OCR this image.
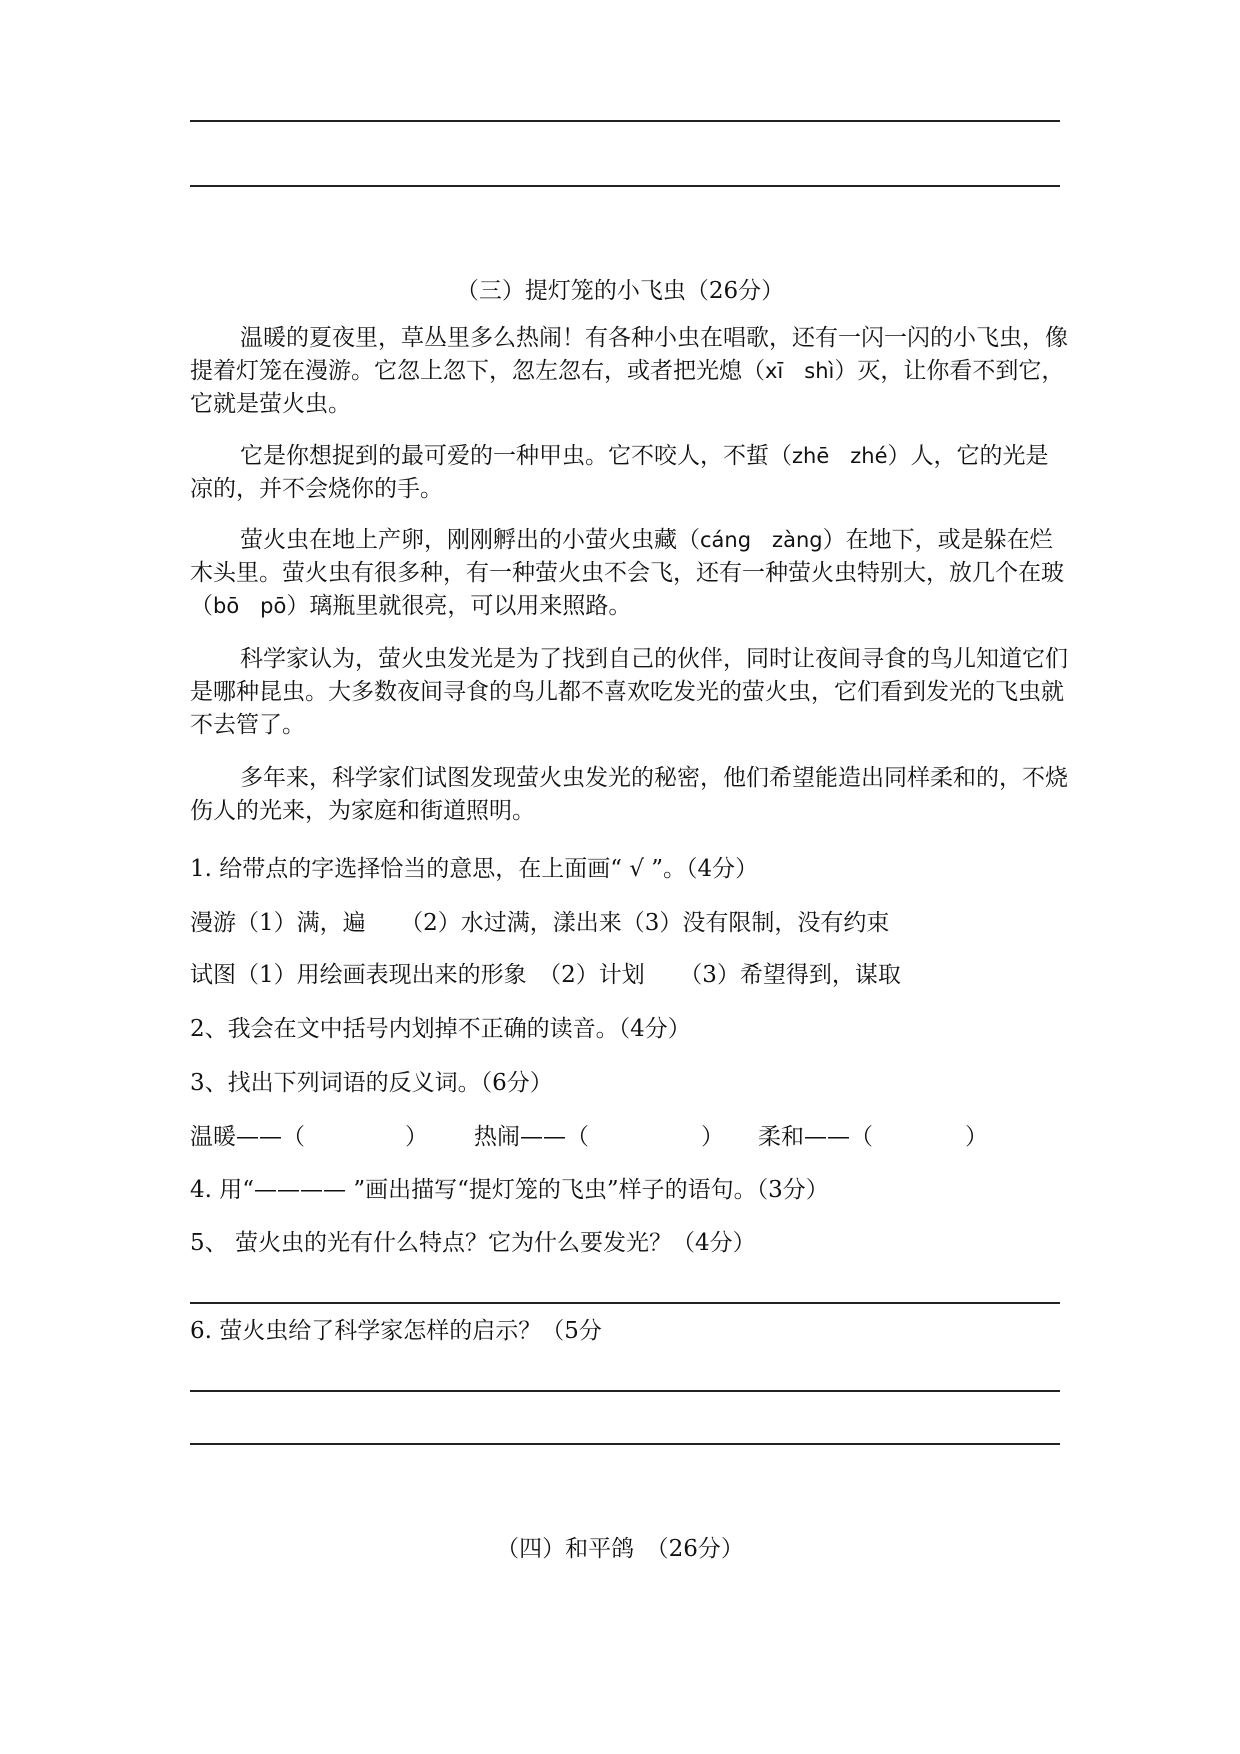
（三）提灯笼的小飞虫（26分）
温暖的夏夜里，草丛里多么热闹！有各种小虫在唱歌，还有一闪一闪的小飞虫，像提着灯笼在漫游。它忽上忽下，忽左忽右，或者把光熄（xī　shì）灭，让你看不到它，它就是萤火虫。
它是你想捉到的最可爱的一种甲虫。它不咬人，不蜇（zhē　zhé）人，它的光是凉的，并不会烧你的手。
萤火虫在地上产卵，刚刚孵出的小萤火虫藏（cáng　zàng）在地下，或是躲在烂木头里。萤火虫有很多种，有一种萤火虫不会飞，还有一种萤火虫特别大，放几个在玻（bō　pō）璃瓶里就很亮，可以用来照路。
科学家认为，萤火虫发光是为了找到自己的伙伴，同时让夜间寻食的鸟儿知道它们是哪种昆虫。大多数夜间寻食的鸟儿都不喜欢吃发光的萤火虫，它们看到发光的飞虫就不去管了。
多年来，科学家们试图发现萤火虫发光的秘密，他们希望能造出同样柔和的，不烧伤人的光来，为家庭和街道照明。
1. 给带点的字选择恰当的意思，在上面画“ √ ”。（4分）
漫游（1）满，遍　　（2）水过满，漾出来（3）没有限制，没有约束
试图（1）用绘画表现出来的形象　（2）计划　　（3）希望得到，谋取
2、我会在文中括号内划掉不正确的读音。（4分）
3、找出下列词语的反义词。（6分）
温暖——（	） 热闹——（	） 柔和——（	）
4. 用“———— ”画出描写“提灯笼的飞虫”样子的语句。（3分）
5、 萤火虫的光有什么特点？它为什么要发光？（4分）
6. 萤火虫给了科学家怎样的启示？（5分
（四）和平鸽　（26分）
